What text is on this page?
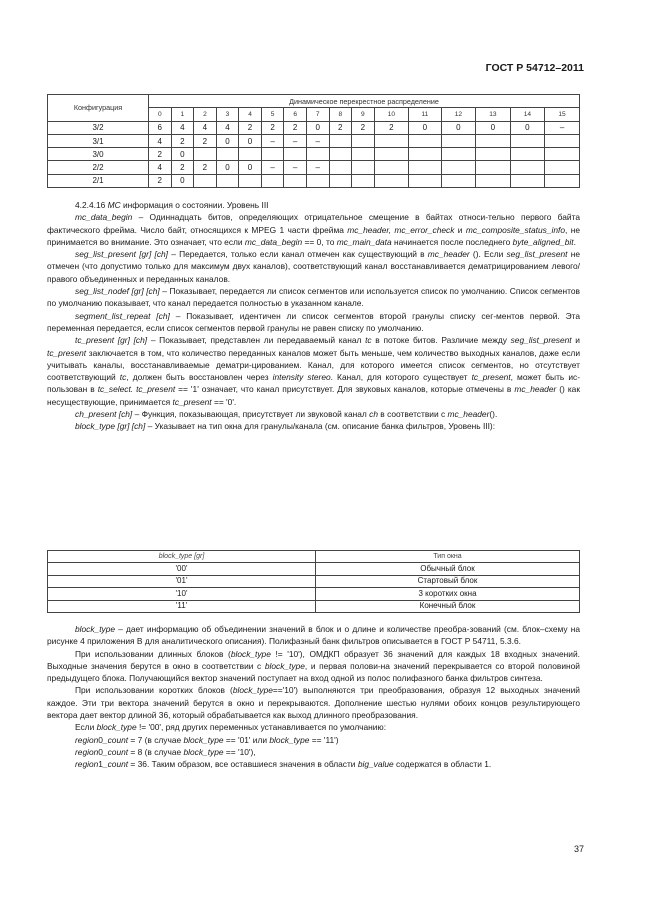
ГОСТ Р 54712–2011
Конфигурация	Динамическое перекрестное распределение															
	0	1	2	3	4	5	6	7	8	9	10	11	12	13	14	15
3/2	6	4	4	4	2	2	2	0	2	2	2	0	0	0	0	–
3/1	4	2	2	0	0	–	–	–								
3/0	2	0														
2/2	4	2	2	0	0	–	–	–								
2/1	2	0														

4.2.4.16 МС информация о состоянии. Уровень III

mc_data_begin – Одиннадцать битов, определяющих отрицательное смещение в байтах относи-тельно первого байта фактического фрейма. Число байт, относящихся к MPEG 1 части фрейма mc_header, mc_error_check и mc_composite_status_info, не принимается во внимание. Это означает, что если mc_data_begin == 0, то mc_main_data начинается после последнего byte_aligned_bit.

seg_list_present [gr] [ch] – Передается, только если канал отмечен как существующий в mc_header (). Если seg_list_present не отмечен (что допустимо только для максимум двух каналов), соответствующий канал восстанавливается дематрицированием левого/правого объединенных и переданных каналов.

seg_list_nodef [gr] [ch] – Показывает, передается ли список сегментов или используется список по умолчанию. Список сегментов по умолчанию показывает, что канал передается полностью в указанном канале.

segment_list_repeat [ch] – Показывает, идентичен ли список сегментов второй гранулы списку сег-ментов первой. Эта переменная передается, если список сегментов первой гранулы не равен списку по умолчанию.

tc_present [gr] [ch] – Показывает, представлен ли передаваемый канал tc в потоке битов. Различие между seg_list_present и tc_present заключается в том, что количество переданных каналов может быть меньше, чем количество выходных каналов, даже если учитывать каналы, восстанавливаемые дематри-цированием. Канал, для которого имеется список сегментов, но отсутствует соответствующий tc, должен быть восстановлен через intensity stereo. Канал, для которого существует tc_present, может быть ис-пользован в tc_select. tc_present == '1' означает, что канал присутствует. Для звуковых каналов, которые отмечены в mc_header () как несуществующие, принимается tc_present == '0'.

ch_present [ch] – Функция, показывающая, присутствует ли звуковой канал ch в соответствии с mc_header().

block_type [gr] [ch] – Указывает на тип окна для гранулы/канала (см. описание банка фильтров, Уровень III):

block_type [gr]	Тип окна
'00'	Обычный блок
'01'	Стартовый блок
'10'	3 коротких окна
'11'	Конечный блок

block_type – дает информацию об объединении значений в блок и о длине и количестве преобра-зований (см. блок–схему на рисунке 4 приложения В для аналитического описания). Полифазный банк фильтров описывается в ГОСТ Р 54711, 5.3.6.

При использовании длинных блоков (block_type != '10'), ОМДКП образует 36 значений для каждых 18 входных значений. Выходные значения берутся в окно в соответствии с block_type, и первая полови-на значений перекрывается со второй половиной предыдущего блока. Получающийся вектор значений поступает на вход одной из полос полифазного банка фильтров синтеза.

При использовании коротких блоков (block_type=='10') выполняются три преобразования, образуя 12 выходных значений каждое. Эти три вектора значений берутся в окно и перекрываются. Дополнение шестью нулями обоих концов результирующего вектора дает вектор длиной 36, который обрабатывается как выход длинного преобразования.

Если block_type != '00', ряд других переменных устанавливается по умолчанию:

region0_count = 7 (в случае block_type == '01' или block_type == '11')

region0_count = 8 (в случае block_type == '10'),

region1_count = 36. Таким образом, все оставшиеся значения в области big_value содержатся в области 1.

37
